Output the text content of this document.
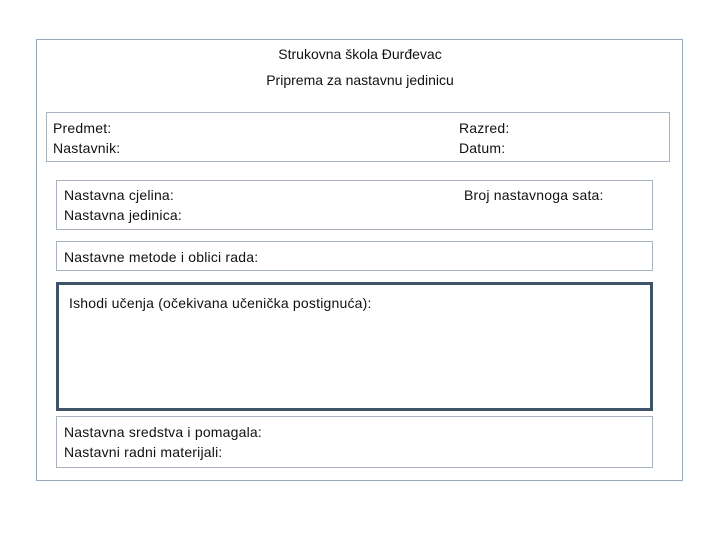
Strukovna škola Đurđevac
Priprema za nastavnu jedinicu
Predmet:
Nastavnik:
Razred:
Datum:
Nastavna cjelina:
Nastavna jedinica:
Broj nastavnoga sata:
Nastavne metode i oblici rada:
Ishodi učenja (očekivana učenička postignuća):
Nastavna sredstva i pomagala:
Nastavni radni materijali:
